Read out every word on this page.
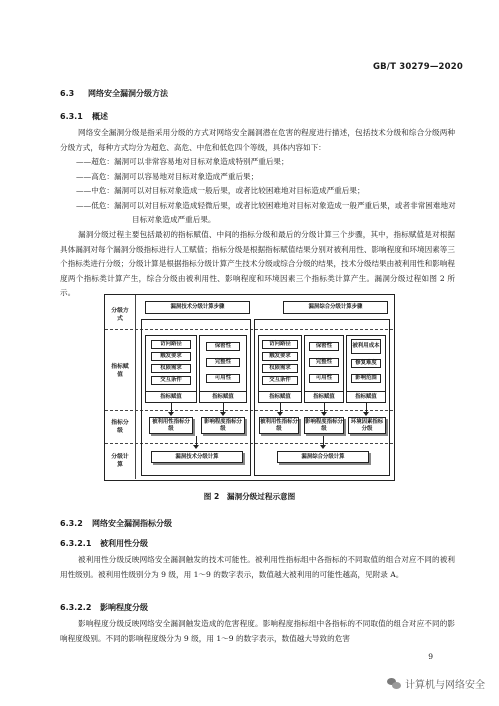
GB/T 30279—2020
6.3 网络安全漏洞分级方法
6.3.1 概述

网络安全漏洞分级是指采用分级的方式对网络安全漏洞潜在危害的程度进行描述，包括技术分级和综合分级两种分级方式，每种方式均分为超危、高危、中危和低危四个等级，具体内容如下：

——超危：漏洞可以非常容易地对目标对象造成特别严重后果；
——高危：漏洞可以容易地对目标对象造成严重后果；
——中危：漏洞可以对目标对象造成一般后果，或者比较困难地对目标造成严重后果；
——低危：漏洞可以对目标对象造成轻微后果，或者比较困难地对目标对象造成一般严重后果，或者非常困难地对目标对象造成严重后果。

漏洞分级过程主要包括最初的指标赋值、中间的指标分级和最后的分级计算三个步骤，其中，指标赋值是对根据具体漏洞对每个漏洞分级指标进行人工赋值；指标分级是根据指标赋值结果分别对被利用性、影响程度和环境因素等三个指标类进行分级；分级计算是根据指标分级计算产生技术分级或综合分级的结果，技术分级结果由被利用性和影响程度两个指标类计算产生，综合分级由被利用性、影响程度和环境因素三个指标类计算产生。漏洞分级过程如图 2 所示。

分级方式
指标赋值
指标分级
分级计算
漏洞技术分级计算步骤	漏洞综合分级计算步骤
访问路径
触发要求
权限需求
交互条件
指标赋值
保密性
完整性
可用性
指标赋值
访问路径
触发要求
权限需求
交互条件
指标赋值
保密性
完整性
可用性
指标赋值
被利用成本
修复难度
影响范围
指标赋值
被利用性指标分级
影响程度指标分级
被利用性指标分级
影响程度指标分级
环境因素指标分级
漏洞技术分级计算	漏洞综合分级计算
图 2　漏洞分级过程示意图
6.3.2 网络安全漏洞指标分级
6.3.2.1 被利用性分级

被利用性分级反映网络安全漏洞触发的技术可能性。被利用性指标组中各指标的不同取值的组合对应不同的被利用性级别。被利用性级别分为 9 级，用 1～9 的数字表示，数值越大被利用的可能性越高，见附录 A。

6.3.2.2 影响程度分级

影响程度分级反映网络安全漏洞触发造成的危害程度。影响程度指标组中各指标的不同取值的组合对应不同的影响程度级别。不同的影响程度级分为 9 级，用 1～9 的数字表示，数值越大导致的危害

9
计算机与网络安全
